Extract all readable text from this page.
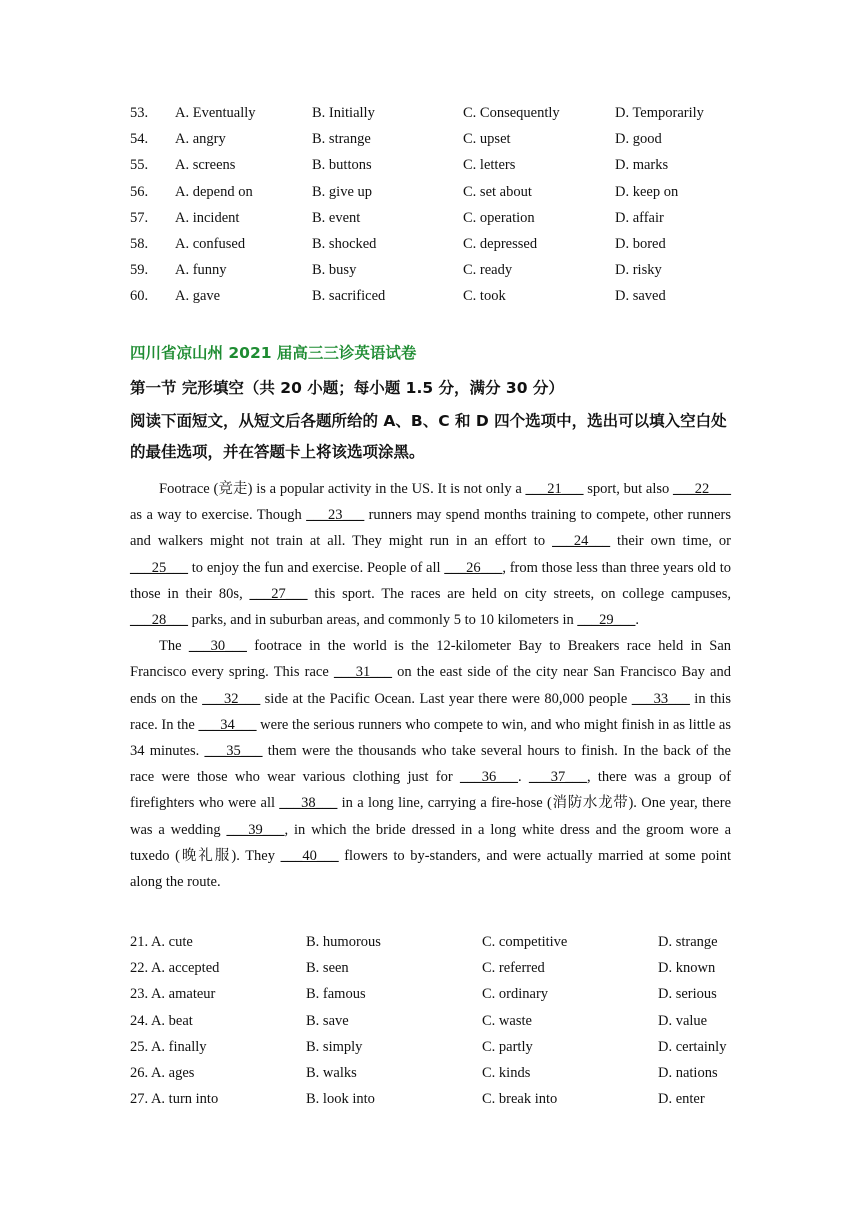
53. A. Eventually	B. Initially	C. Consequently	D. Temporarily
54. A. angry	B. strange	C. upset	D. good
55. A. screens	B. buttons	C. letters	D. marks
56. A. depend on	B. give up	C. set about	D. keep on
57. A. incident	B. event	C. operation	D. affair
58. A. confused	B. shocked	C. depressed	D. bored
59. A. funny	B. busy	C. ready	D. risky
60. A. gave	B. sacrificed	C. took	D. saved
四川省凉山州 2021 届高三三诊英语试卷
第一节 完形填空（共 20 小题；每小题 1.5 分，满分 30 分）
阅读下面短文，从短文后各题所给的 A、B、C 和 D 四个选项中，选出可以填入空白处的最佳选项，并在答题卡上将该选项涂黑。

Footrace (竞走) is a popular activity in the US. It is not only a ___21___ sport, but also ___22___ as a way to exercise. Though ___23___ runners may spend months training to compete, other runners and walkers might not train at all. They might run in an effort to ___24___ their own time, or ___25___ to enjoy the fun and exercise. People of all ___26___, from those less than three years old to those in their 80s, ___27___ this sport. The races are held on city streets, on college campuses, ___28___ parks, and in suburban areas, and commonly 5 to 10 kilometers in ___29___.

The ___30___ footrace in the world is the 12-kilometer Bay to Breakers race held in San Francisco every spring. This race ___31___ on the east side of the city near San Francisco Bay and ends on the ___32___ side at the Pacific Ocean. Last year there were 80,000 people ___33___ in this race. In the ___34___ were the serious runners who compete to win, and who might finish in as little as 34 minutes. ___35___ them were the thousands who take several hours to finish. In the back of the race were those who wear various clothing just for ___36___. ___37___, there was a group of firefighters who were all ___38___ in a long line, carrying a fire-hose (消防水龙带). One year, there was a wedding ___39___, in which the bride dressed in a long white dress and the groom wore a tuxedo (晚礼服). They ___40___ flowers to by-standers, and were actually married at some point along the route.

21. A. cute	B. humorous	C. competitive	D. strange
22. A. accepted	B. seen	C. referred	D. known
23. A. amateur	B. famous	C. ordinary	D. serious
24. A. beat	B. save	C. waste	D. value
25. A. finally	B. simply	C. partly	D. certainly
26. A. ages	B. walks	C. kinds	D. nations
27. A. turn into	B. look into	C. break into	D. enter
